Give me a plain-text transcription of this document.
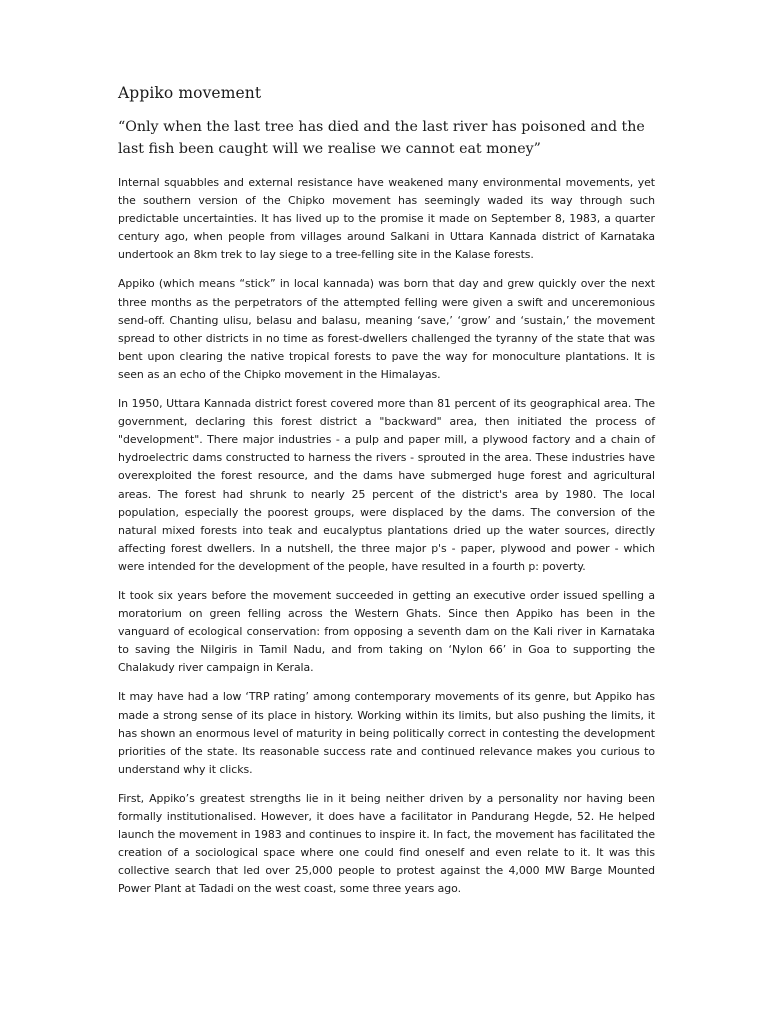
Appiko movement

“Only when the last tree has died and the last river has poisoned and the last fish been caught will we realise we cannot eat money”

Internal squabbles and external resistance have weakened many environmental movements, yet the southern version of the Chipko movement has seemingly waded its way through such predictable uncertainties. It has lived up to the promise it made on September 8, 1983, a quarter century ago, when people from villages around Salkani in Uttara Kannada district of Karnataka undertook an 8km trek to lay siege to a tree-felling site in the Kalase forests.

Appiko (which means “stick” in local kannada) was born that day and grew quickly over the next three months as the perpetrators of the attempted felling were given a swift and unceremonious send-off. Chanting ulisu, belasu and balasu, meaning ‘save,’ ‘grow’ and ‘sustain,’ the movement spread to other districts in no time as forest-dwellers challenged the tyranny of the state that was bent upon clearing the native tropical forests to pave the way for monoculture plantations. It is seen as an echo of the Chipko movement in the Himalayas.

In 1950, Uttara Kannada district forest covered more than 81 percent of its geographical area. The government, declaring this forest district a "backward" area, then initiated the process of "development". There major industries - a pulp and paper mill, a plywood factory and a chain of hydroelectric dams constructed to harness the rivers - sprouted in the area. These industries have overexploited the forest resource, and the dams have submerged huge forest and agricultural areas. The forest had shrunk to nearly 25 percent of the district's area by 1980. The local population, especially the poorest groups, were displaced by the dams. The conversion of the natural mixed forests into teak and eucalyptus plantations dried up the water sources, directly affecting forest dwellers. In a nutshell, the three major p's - paper, plywood and power - which were intended for the development of the people, have resulted in a fourth p: poverty.

It took six years before the movement succeeded in getting an executive order issued spelling a moratorium on green felling across the Western Ghats. Since then Appiko has been in the vanguard of ecological conservation: from opposing a seventh dam on the Kali river in Karnataka to saving the Nilgiris in Tamil Nadu, and from taking on ‘Nylon 66’ in Goa to supporting the Chalakudy river campaign in Kerala.

It may have had a low ‘TRP rating’ among contemporary movements of its genre, but Appiko has made a strong sense of its place in history. Working within its limits, but also pushing the limits, it has shown an enormous level of maturity in being politically correct in contesting the development priorities of the state. Its reasonable success rate and continued relevance makes you curious to understand why it clicks.

First, Appiko’s greatest strengths lie in it being neither driven by a personality nor having been formally institutionalised. However, it does have a facilitator in Pandurang Hegde, 52. He helped launch the movement in 1983 and continues to inspire it. In fact, the movement has facilitated the creation of a sociological space where one could find oneself and even relate to it. It was this collective search that led over 25,000 people to protest against the 4,000 MW Barge Mounted Power Plant at Tadadi on the west coast, some three years ago.
